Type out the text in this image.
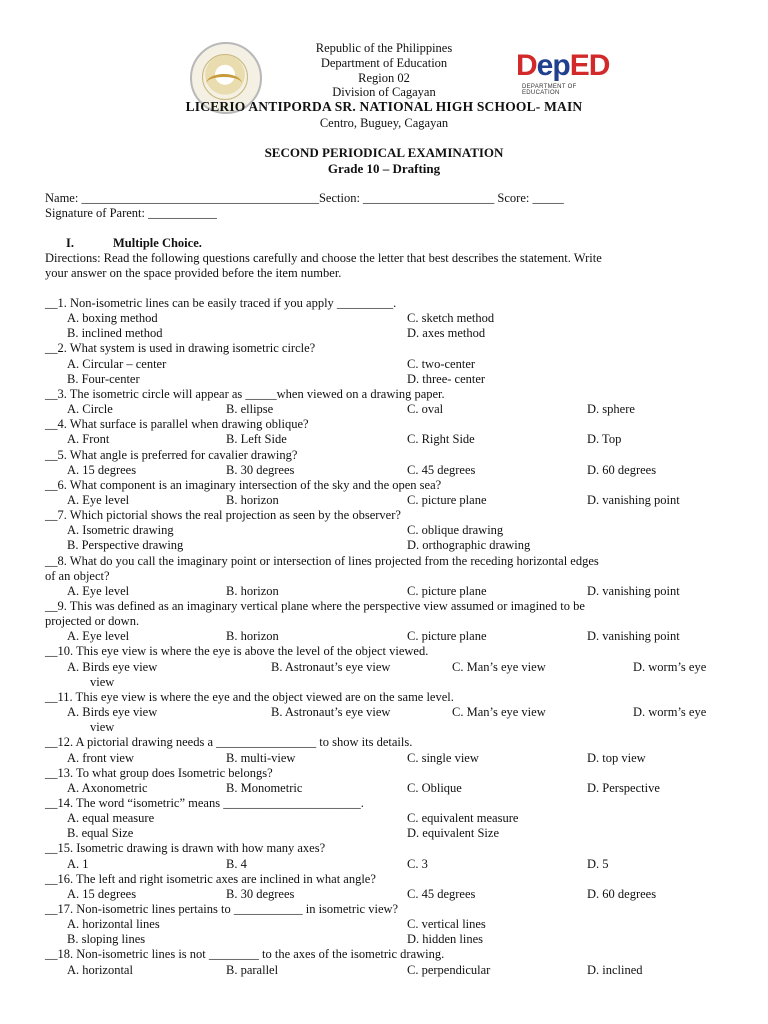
Republic of the Philippines
Department of Education
Region 02
Division of Cagayan
LICERIO ANTIPORDA SR. NATIONAL HIGH SCHOOL- MAIN
Centro, Buguey, Cagayan
DepED
DEPARTMENT OF EDUCATION
SECOND PERIODICAL EXAMINATION
Grade 10 – Drafting
Name: ______________________________________Section: _____________________ Score: _____
Signature of Parent: ___________
I.	Multiple Choice.
Directions: Read the following questions carefully and choose the letter that best describes the statement. Write
your answer on the space provided before the item number.
__1. Non-isometric lines can be easily traced if you apply _________.
A. boxing method	C. sketch method
B. inclined method	D. axes method
__2. What system is used in drawing isometric circle?
A. Circular – center	C. two-center
B. Four-center	D. three- center
__3. The isometric circle will appear as _____when viewed on a drawing paper.
A. Circle	B. ellipse	C. oval	D. sphere
__4. What surface is parallel when drawing oblique?
A. Front	B. Left Side	C. Right Side	D. Top
__5. What angle is preferred for cavalier drawing?
A. 15 degrees	B. 30 degrees	C. 45 degrees	D. 60 degrees
__6. What component is an imaginary intersection of the sky and the open sea?
A. Eye level	B. horizon	C. picture plane	D. vanishing point
__7. Which pictorial shows the real projection as seen by the observer?
A. Isometric drawing	C. oblique drawing
B. Perspective drawing	D. orthographic drawing
__8. What do you call the imaginary point or intersection of lines projected from the receding horizontal edges
of an object?
A. Eye level	B. horizon	C. picture plane	D. vanishing point
__9. This was defined as an imaginary vertical plane where the perspective view assumed or imagined to be
projected or down.
A. Eye level	B. horizon	C. picture plane	D. vanishing point
__10. This eye view is where the eye is above the level of the object viewed.
A. Birds eye view	B. Astronaut’s eye view	C. Man’s eye view	D. worm’s eye
view
__11. This eye view is where the eye and the object viewed are on the same level.
A. Birds eye view	B. Astronaut’s eye view	C. Man’s eye view	D. worm’s eye
view
__12. A pictorial drawing needs a ________________ to show its details.
A. front view	B. multi-view	C. single view	D. top view
__13. To what group does Isometric belongs?
A. Axonometric	B. Monometric	C. Oblique	D. Perspective
__14. The word “isometric” means ______________________.
A. equal measure	C. equivalent measure
B. equal Size	D. equivalent Size
__15. Isometric drawing is drawn with how many axes?
A. 1	B. 4	C. 3	D. 5
__16. The left and right isometric axes are inclined in what angle?
A. 15 degrees	B. 30 degrees	C. 45 degrees	D. 60 degrees
__17. Non-isometric lines pertains to ___________ in isometric view?
A. horizontal lines	C. vertical lines
B. sloping lines	D. hidden lines
__18. Non-isometric lines is not ________ to the axes of the isometric drawing.
A. horizontal	B. parallel	C. perpendicular	D. inclined
